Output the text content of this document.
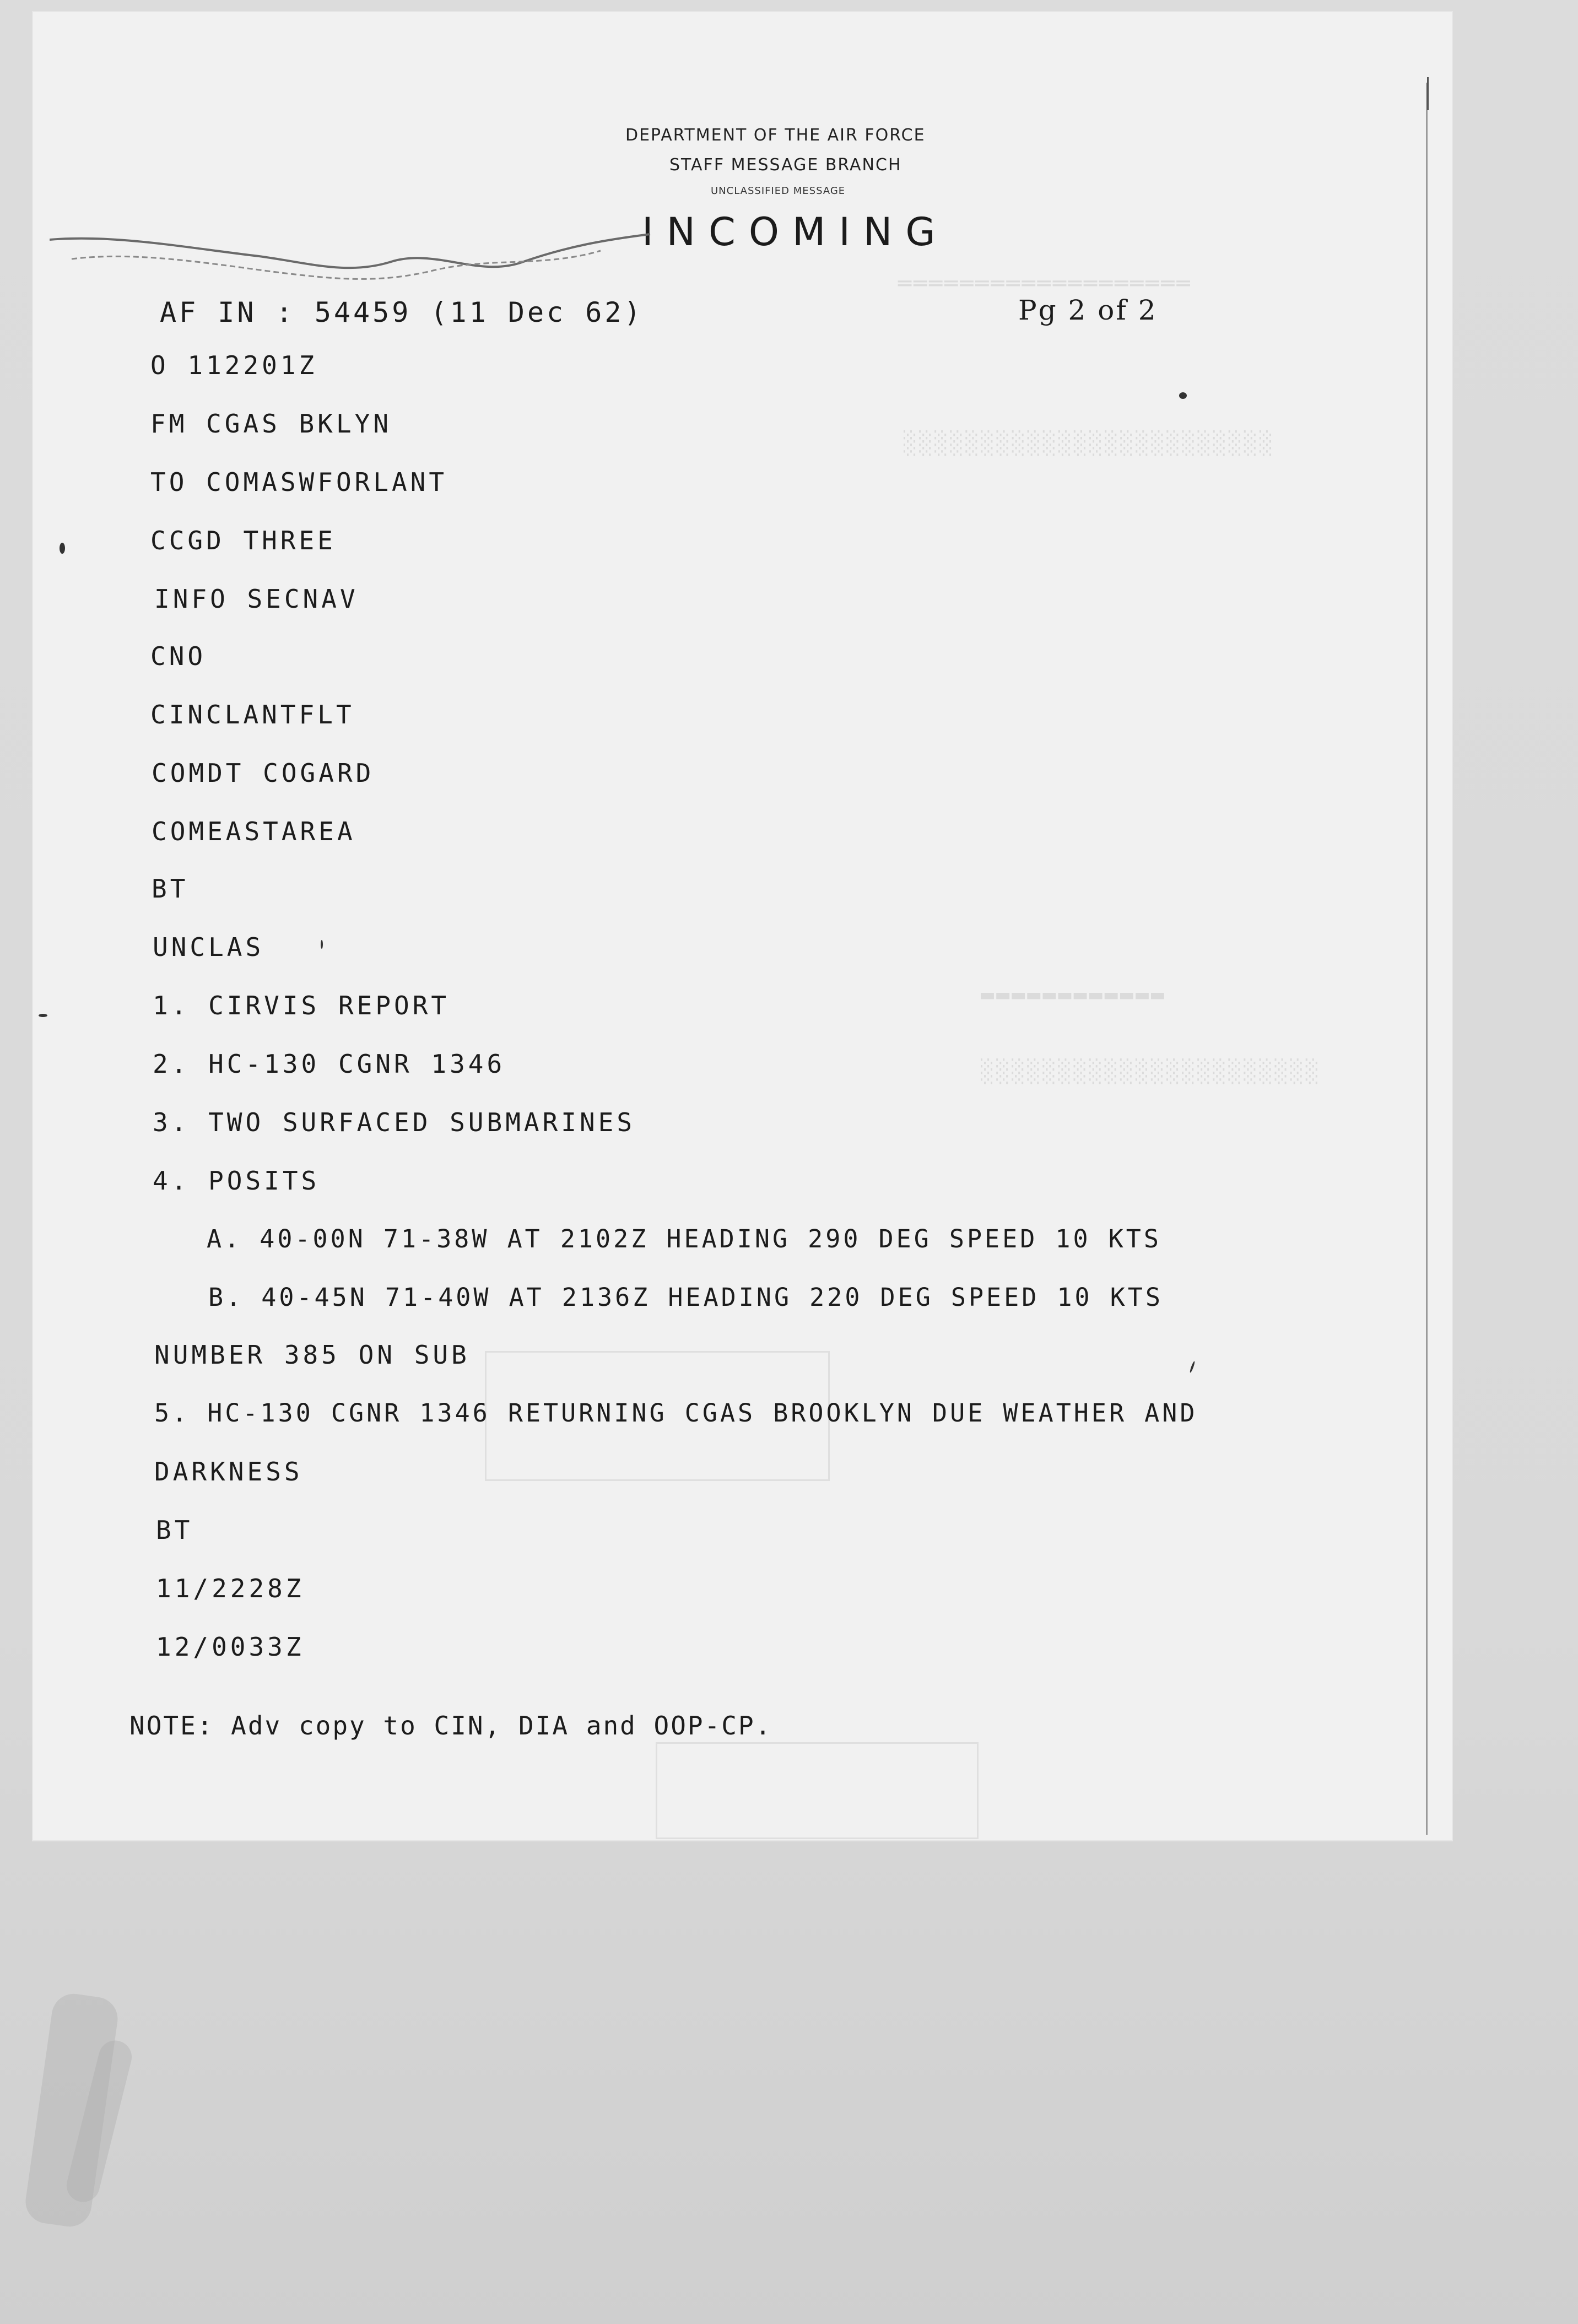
═══════════════════
░░░░░░░░░░░░░░░░░░░░░░░░
▬▬▬▬▬▬▬▬▬▬▬▬
░░░░░░░░░░░░░░░░░░░░░░
DEPARTMENT OF THE AIR FORCE
STAFF MESSAGE BRANCH
UNCLASSIFIED MESSAGE
INCOMING
AF IN : 54459 (11 Dec 62)	Pg 2 of 2
O 112201Z
FM CGAS BKLYN
TO COMASWFORLANT
CCGD THREE
INFO SECNAV
CNO
CINCLANTFLT
COMDT COGARD
COMEASTAREA
BT
UNCLAS
1. CIRVIS REPORT
2. HC-130 CGNR 1346
3. TWO SURFACED SUBMARINES
4. POSITS
A. 40-00N 71-38W AT 2102Z HEADING 290 DEG SPEED 10 KTS
B. 40-45N 71-40W AT 2136Z HEADING 220 DEG SPEED 10 KTS
NUMBER 385 ON SUB
5. HC-130 CGNR 1346 RETURNING CGAS BROOKLYN DUE WEATHER AND
DARKNESS
BT
11/2228Z
12/0033Z
NOTE: Adv copy to CIN, DIA and OOP-CP.
